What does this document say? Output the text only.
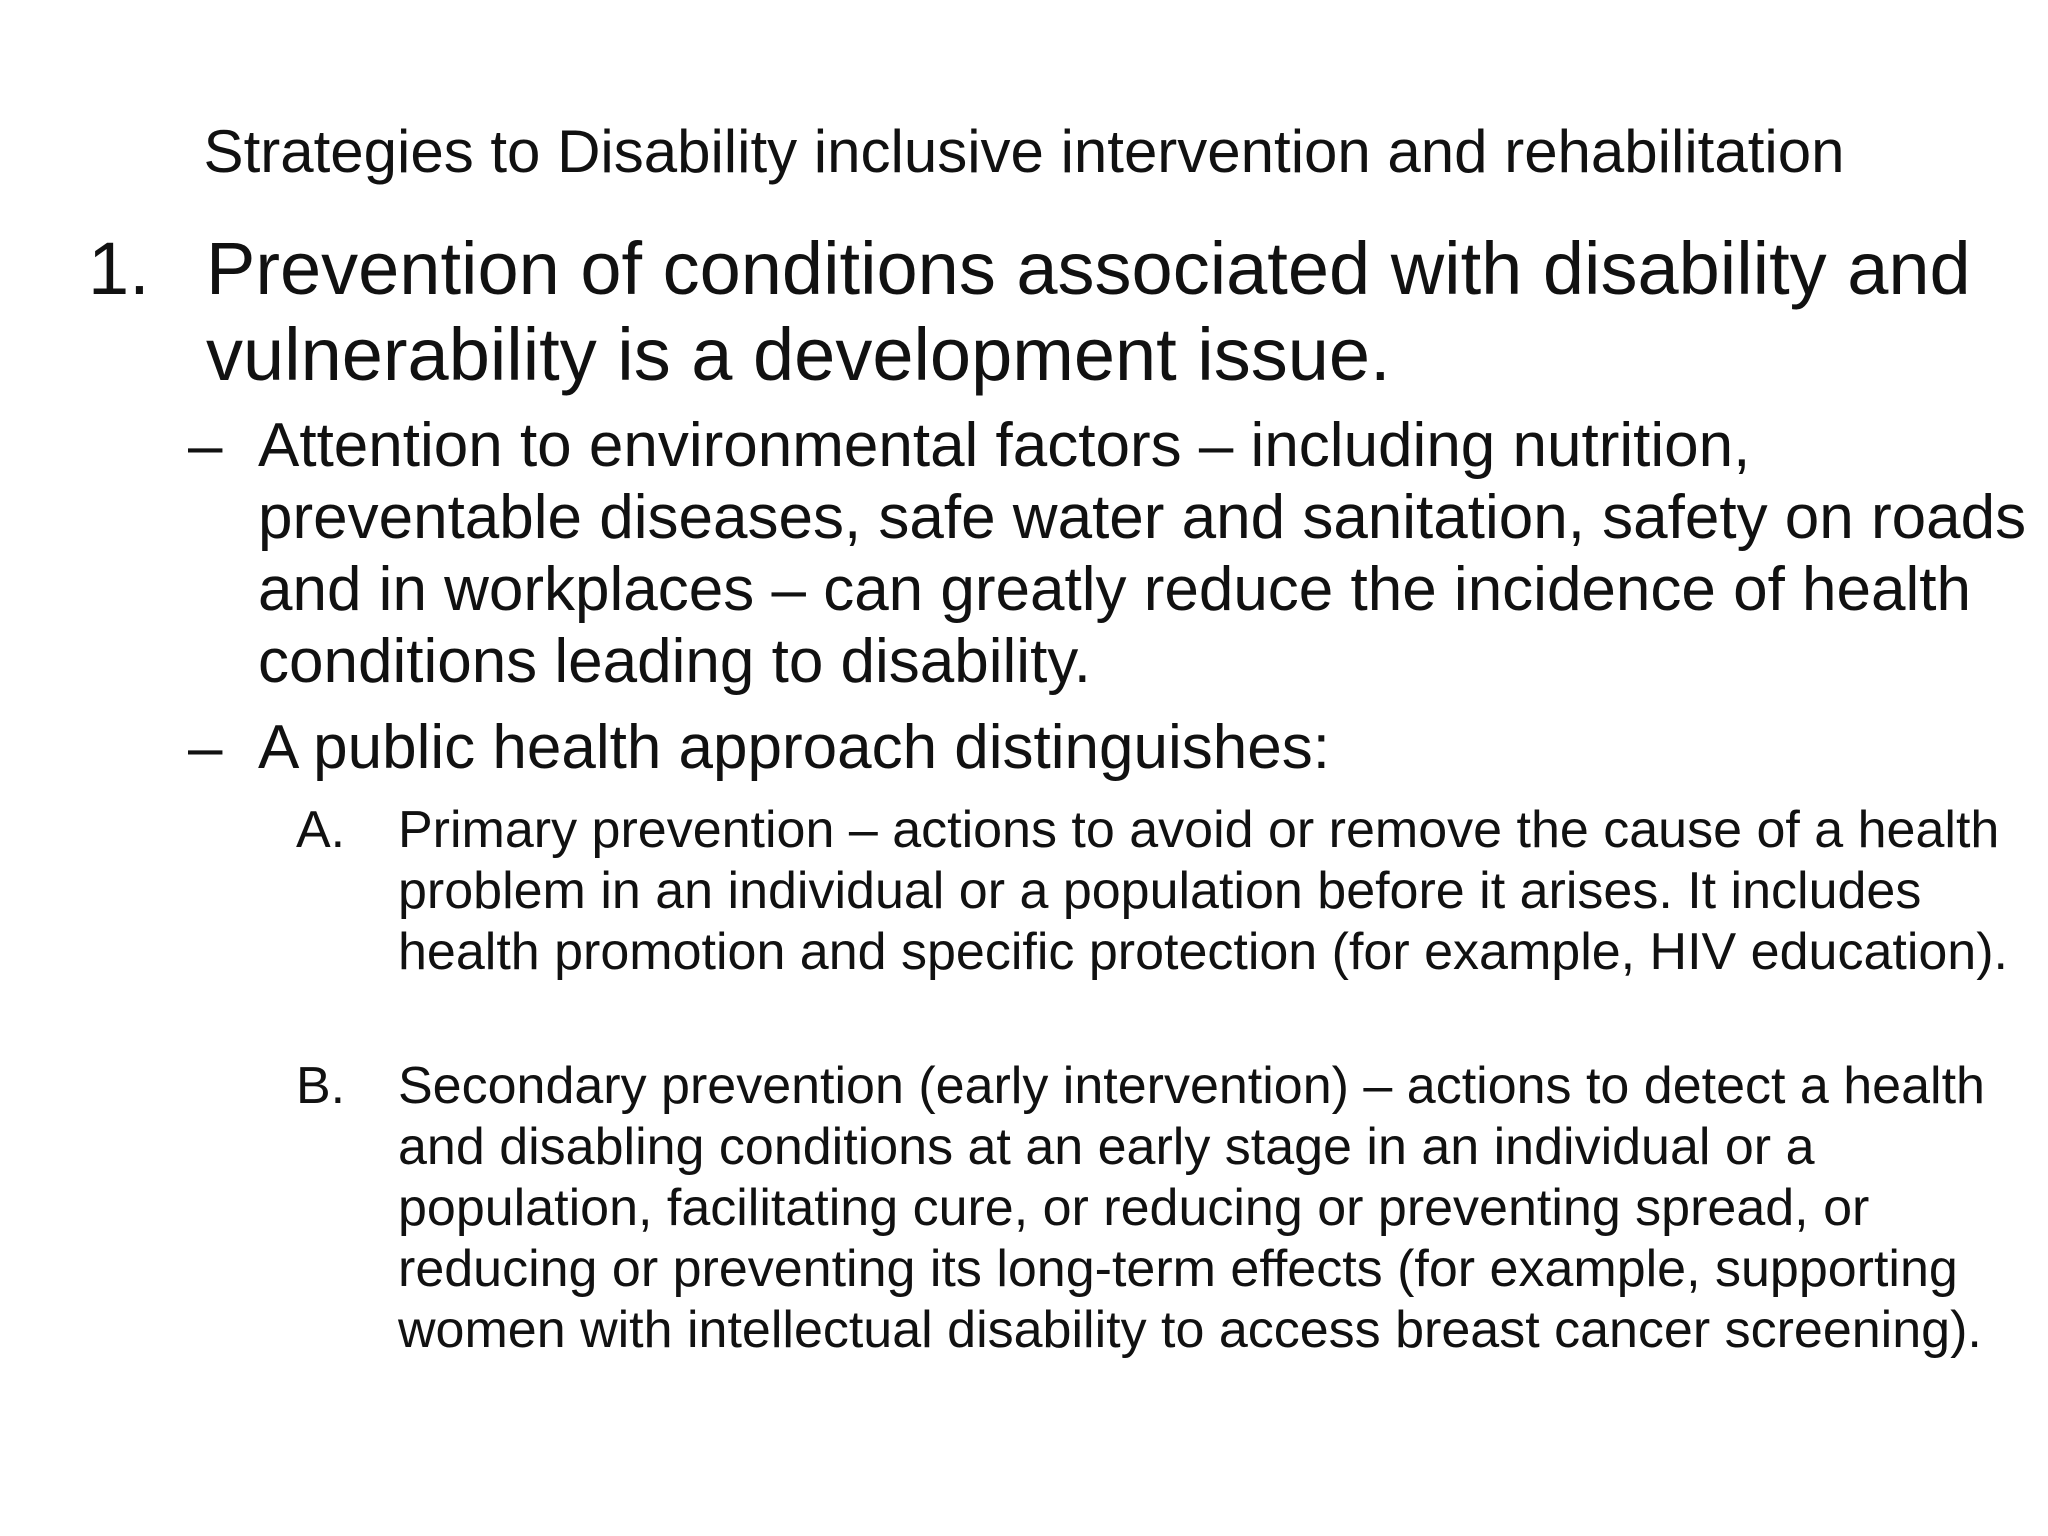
Strategies to Disability inclusive intervention and rehabilitation
1. Prevention of conditions associated with disability and vulnerability is a development issue.
– Attention to environmental factors – including nutrition, preventable diseases, safe water and sanitation, safety on roads and in workplaces – can greatly reduce the incidence of health conditions leading to disability.
– A public health approach distinguishes:
A. Primary prevention – actions to avoid or remove the cause of a health problem in an individual or a population before it arises. It includes health promotion and specific protection (for example, HIV education).
B. Secondary prevention (early intervention) – actions to detect a health and disabling conditions at an early stage in an individual or a population, facilitating cure, or reducing or preventing spread, or reducing or preventing its long-term effects (for example, supporting women with intellectual disability to access breast cancer screening).
